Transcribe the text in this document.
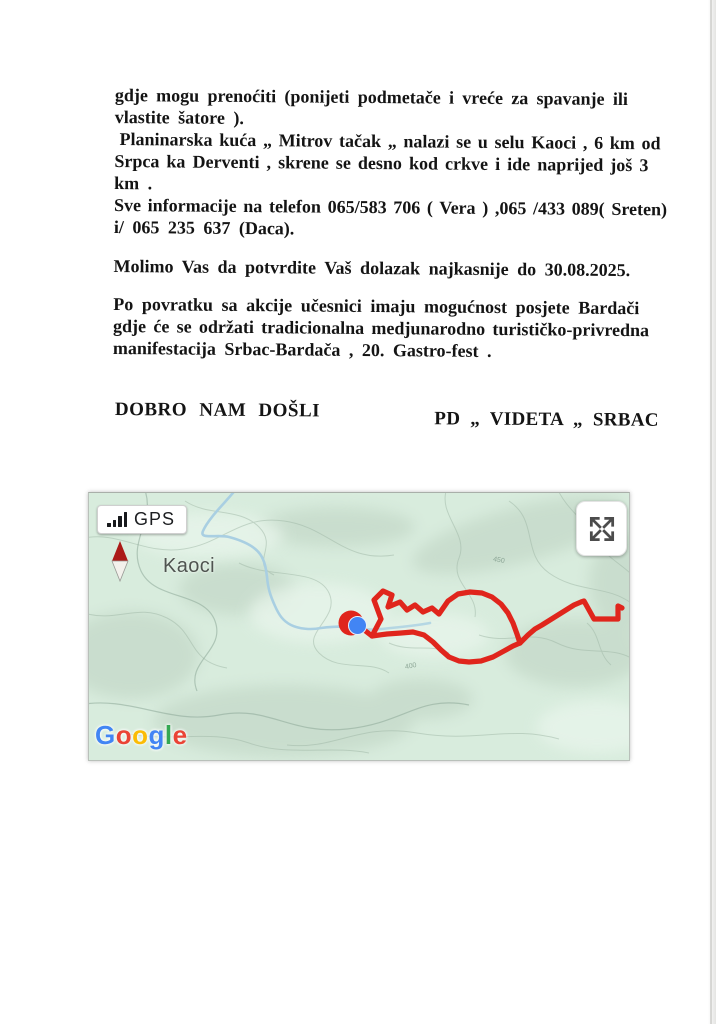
gdje mogu prenoćiti (ponijeti podmetače i vreće za spavanje ili
vlastite šatore ).

Planinarska kuća „ Mitrov tačak „ nalazi se u selu Kaoci , 6 km od
Srpca ka Derventi , skrene se desno kod crkve i ide naprijed još 3
km .

Sve informacije na telefon 065/583 706 ( Vera ) ,065 /433 089( Sreten)
i/ 065 235 637 (Daca).

Molimo Vas da potvrdite Vaš dolazak najkasnije do 30.08.2025.

Po povratku sa akcije učesnici imaju mogućnost posjete Bardači
gdje će se održati tradicionalna medjunarodno turističko-privredna
manifestacija Srbac-Bardača , 20. Gastro-fest .

DOBRO NAM DOŠLI	PD „ VIDETA „ SRBAC
GPS
Kaoci
400
450
Google
